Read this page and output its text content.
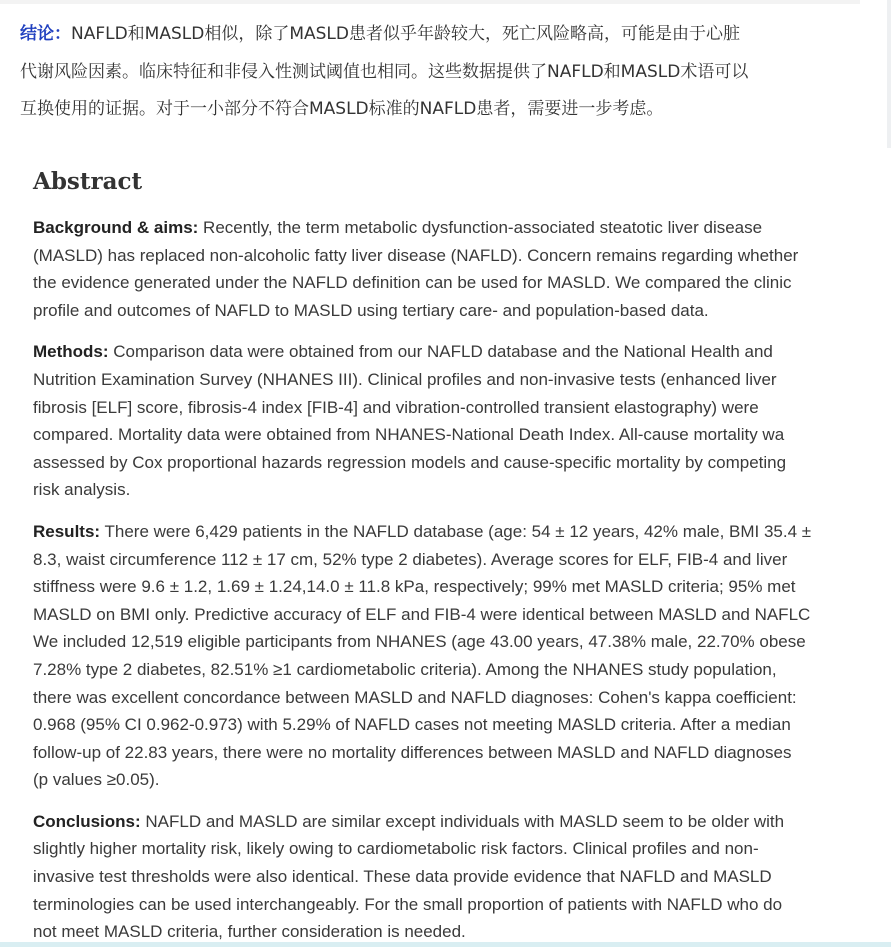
结论：NAFLD和MASLD相似，除了MASLD患者似乎年龄较大，死亡风险略高，可能是由于心脏
代谢风险因素。临床特征和非侵入性测试阈值也相同。这些数据提供了NAFLD和MASLD术语可以
互换使用的证据。对于一小部分不符合MASLD标准的NAFLD患者，需要进一步考虑。
Abstract

Background & aims: Recently, the term metabolic dysfunction-associated steatotic liver disease
(MASLD) has replaced non-alcoholic fatty liver disease (NAFLD). Concern remains regarding whether
the evidence generated under the NAFLD definition can be used for MASLD. We compared the clinic
profile and outcomes of NAFLD to MASLD using tertiary care- and population-based data.

Methods: Comparison data were obtained from our NAFLD database and the National Health and
Nutrition Examination Survey (NHANES III). Clinical profiles and non-invasive tests (enhanced liver
fibrosis [ELF] score, fibrosis-4 index [FIB-4] and vibration-controlled transient elastography) were
compared. Mortality data were obtained from NHANES-National Death Index. All-cause mortality wa
assessed by Cox proportional hazards regression models and cause-specific mortality by competing
risk analysis.

Results: There were 6,429 patients in the NAFLD database (age: 54 ± 12 years, 42% male, BMI 35.4 ±
8.3, waist circumference 112 ± 17 cm, 52% type 2 diabetes). Average scores for ELF, FIB-4 and liver
stiffness were 9.6 ± 1.2, 1.69 ± 1.24,14.0 ± 11.8 kPa, respectively; 99% met MASLD criteria; 95% met
MASLD on BMI only. Predictive accuracy of ELF and FIB-4 were identical between MASLD and NAFLC
We included 12,519 eligible participants from NHANES (age 43.00 years, 47.38% male, 22.70% obese
7.28% type 2 diabetes, 82.51% ≥1 cardiometabolic criteria). Among the NHANES study population,
there was excellent concordance between MASLD and NAFLD diagnoses: Cohen's kappa coefficient:
0.968 (95% CI 0.962-0.973) with 5.29% of NAFLD cases not meeting MASLD criteria. After a median
follow-up of 22.83 years, there were no mortality differences between MASLD and NAFLD diagnoses
(p values ≥0.05).

Conclusions: NAFLD and MASLD are similar except individuals with MASLD seem to be older with
slightly higher mortality risk, likely owing to cardiometabolic risk factors. Clinical profiles and non-
invasive test thresholds were also identical. These data provide evidence that NAFLD and MASLD
terminologies can be used interchangeably. For the small proportion of patients with NAFLD who do
not meet MASLD criteria, further consideration is needed.
